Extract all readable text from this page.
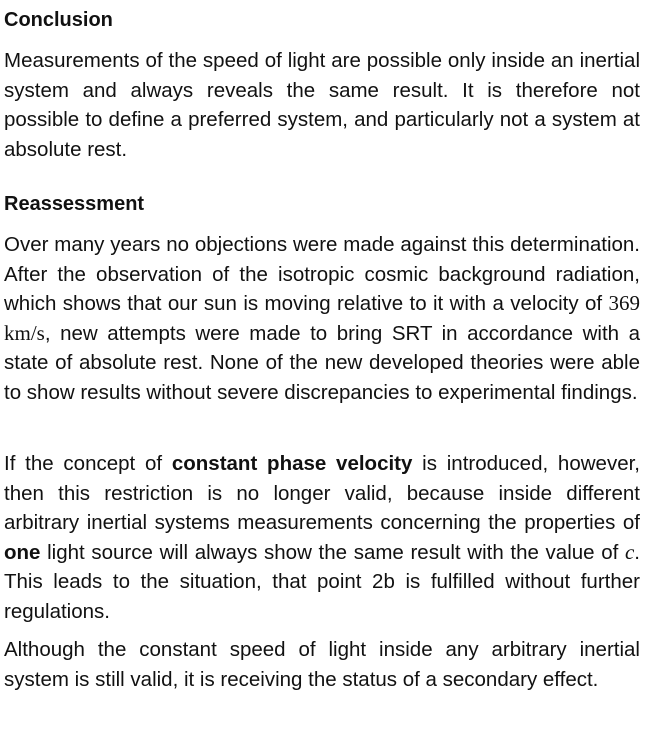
Conclusion

Measurements of the speed of light are possible only inside an inertial system and always reveals the same result. It is therefore not possible to define a preferred system, and particularly not a system at absolute rest.

Reassessment

Over many years no objections were made against this determination. After the observation of the isotropic cosmic background radiation, which shows that our sun is moving relative to it with a velocity of 369 km/s, new attempts were made to bring SRT in accordance with a state of absolute rest. None of the new developed theories were able to show results without severe discrepancies to experimental findings.

If the concept of constant phase velocity is introduced, however, then this restriction is no longer valid, because inside different arbitrary inertial systems measurements concerning the properties of one light source will always show the same result with the value of c. This leads to the situation, that point 2b is fulfilled without further regulations.

Although the constant speed of light inside any arbitrary inertial system is still valid, it is receiving the status of a secondary effect.
